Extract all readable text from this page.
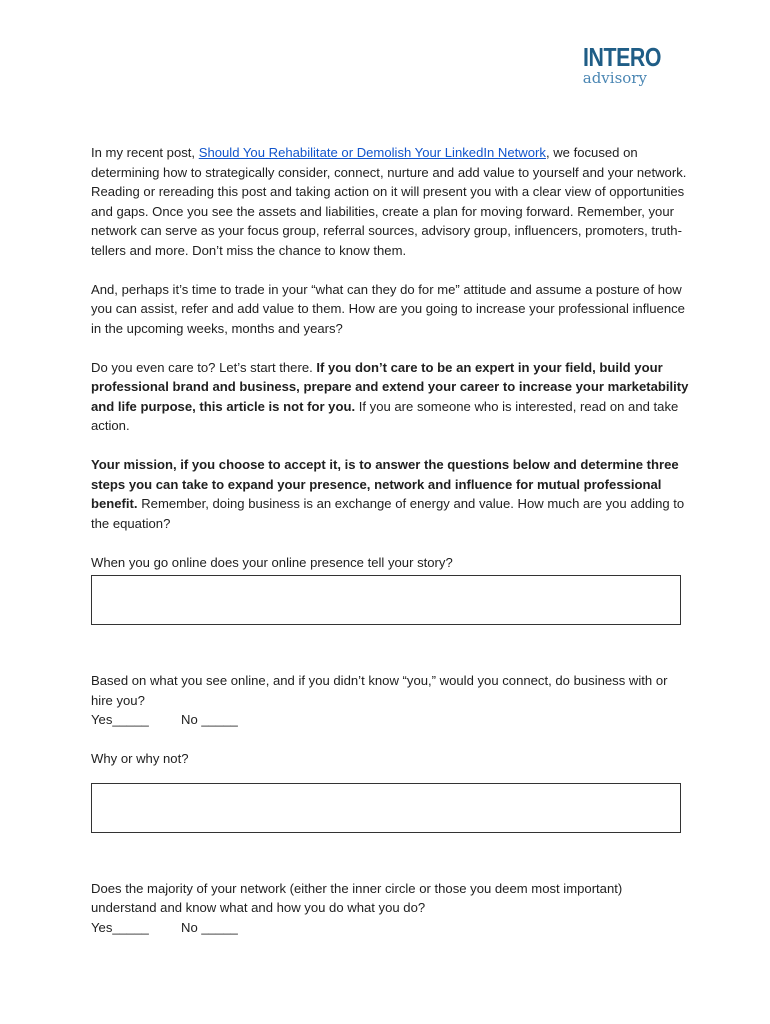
INTERO
advisory

In my recent post, Should You Rehabilitate or Demolish Your LinkedIn Network, we focused on determining how to strategically consider, connect, nurture and add value to yourself and your network. Reading or rereading this post and taking action on it will present you with a clear view of opportunities and gaps. Once you see the assets and liabilities, create a plan for moving forward. Remember, your network can serve as your focus group, referral sources, advisory group, influencers, promoters, truth-tellers and more. Don’t miss the chance to know them.

And, perhaps it’s time to trade in your “what can they do for me” attitude and assume a posture of how you can assist, refer and add value to them. How are you going to increase your professional influence in the upcoming weeks, months and years?

Do you even care to? Let’s start there. If you don’t care to be an expert in your field, build your professional brand and business, prepare and extend your career to increase your marketability and life purpose, this article is not for you. If you are someone who is interested, read on and take action.

Your mission, if you choose to accept it, is to answer the questions below and determine three steps you can take to expand your presence, network and influence for mutual professional benefit. Remember, doing business is an exchange of energy and value. How much are you adding to the equation?

When you go online does your online presence tell your story?
Based on what you see online, and if you didn’t know “you,” would you connect, do business with or hire you?
Yes_____ No _____
Why or why not?
Does the majority of your network (either the inner circle or those you deem most important) understand and know what and how you do what you do?
Yes_____ No _____
